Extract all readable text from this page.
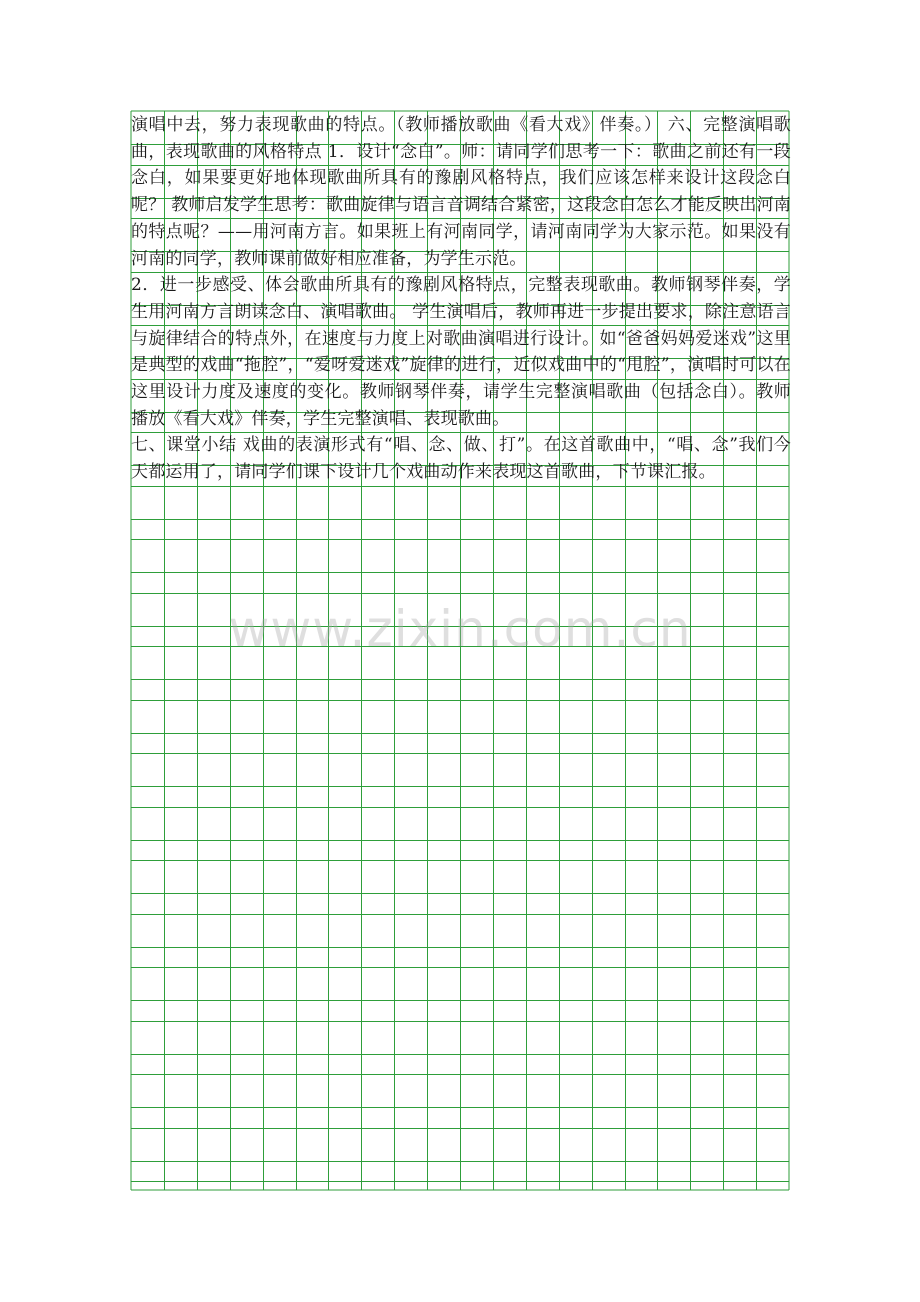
演唱中去，努力表现歌曲的特点。（教师播放歌曲《看大戏》伴奏。） 六、完整演唱歌曲，表现歌曲的风格特点 1．设计“念白”。师：请同学们思考一下：歌曲之前还有一段念白，如果要更好地体现歌曲所具有的豫剧风格特点，我们应该怎样来设计这段念白呢？ 教师启发学生思考：歌曲旋律与语言音调结合紧密，这段念白怎么才能反映出河南的特点呢？——用河南方言。如果班上有河南同学，请河南同学为大家示范。如果没有河南的同学，教师课前做好相应准备，为学生示范。

2．进一步感受、体会歌曲所具有的豫剧风格特点，完整表现歌曲。教师钢琴伴奏，学生用河南方言朗读念白、演唱歌曲。 学生演唱后，教师再进一步提出要求，除注意语言与旋律结合的特点外，在速度与力度上对歌曲演唱进行设计。如“爸爸妈妈爱迷戏”这里是典型的戏曲“拖腔”，“爱呀爱迷戏”旋律的进行，近似戏曲中的“甩腔”，演唱时可以在这里设计力度及速度的变化。教师钢琴伴奏，请学生完整演唱歌曲（包括念白）。教师播放《看大戏》伴奏，学生完整演唱、表现歌曲。

七、课堂小结 戏曲的表演形式有“唱、念、做、打”。在这首歌曲中，“唱、念”我们今天都运用了，请同学们课下设计几个戏曲动作来表现这首歌曲，下节课汇报。

www.zixin.com.cn
